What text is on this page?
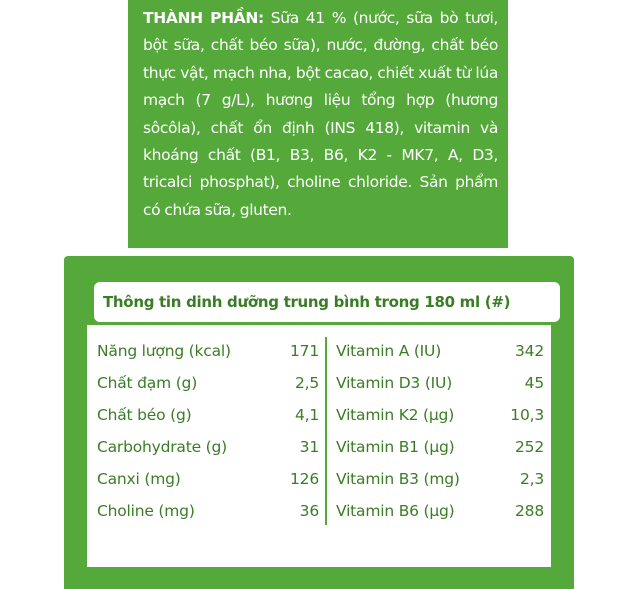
THÀNH PHẦN: Sữa 41 % (nước, sữa bò tươi, bột sữa, chất béo sữa), nước, đường, chất béo thực vật, mạch nha, bột cacao, chiết xuất từ lúa mạch (7 g/L), hương liệu tổng hợp (hương sôcôla), chất ổn định (INS 418), vitamin và khoáng chất (B1, B3, B6, K2 - MK7, A, D3, tricalci phosphat), choline chloride. Sản phẩm có chứa sữa, gluten.
Thông tin dinh dưỡng trung bình trong 180 ml (#)
Năng lượng (kcal)	171
Chất đạm (g)	2,5
Chất béo (g)	4,1
Carbohydrate (g)	31
Canxi (mg)	126
Choline (mg)	36
Vitamin A (IU)	342
Vitamin D3 (IU)	45
Vitamin K2 (µg)	10,3
Vitamin B1 (µg)	252
Vitamin B3 (mg)	2,3
Vitamin B6 (µg)	288
(#) Hàm lượng các vitamin và khoáng chất không thấp
hơn 80 % giá trị ghi trên nhãn.
